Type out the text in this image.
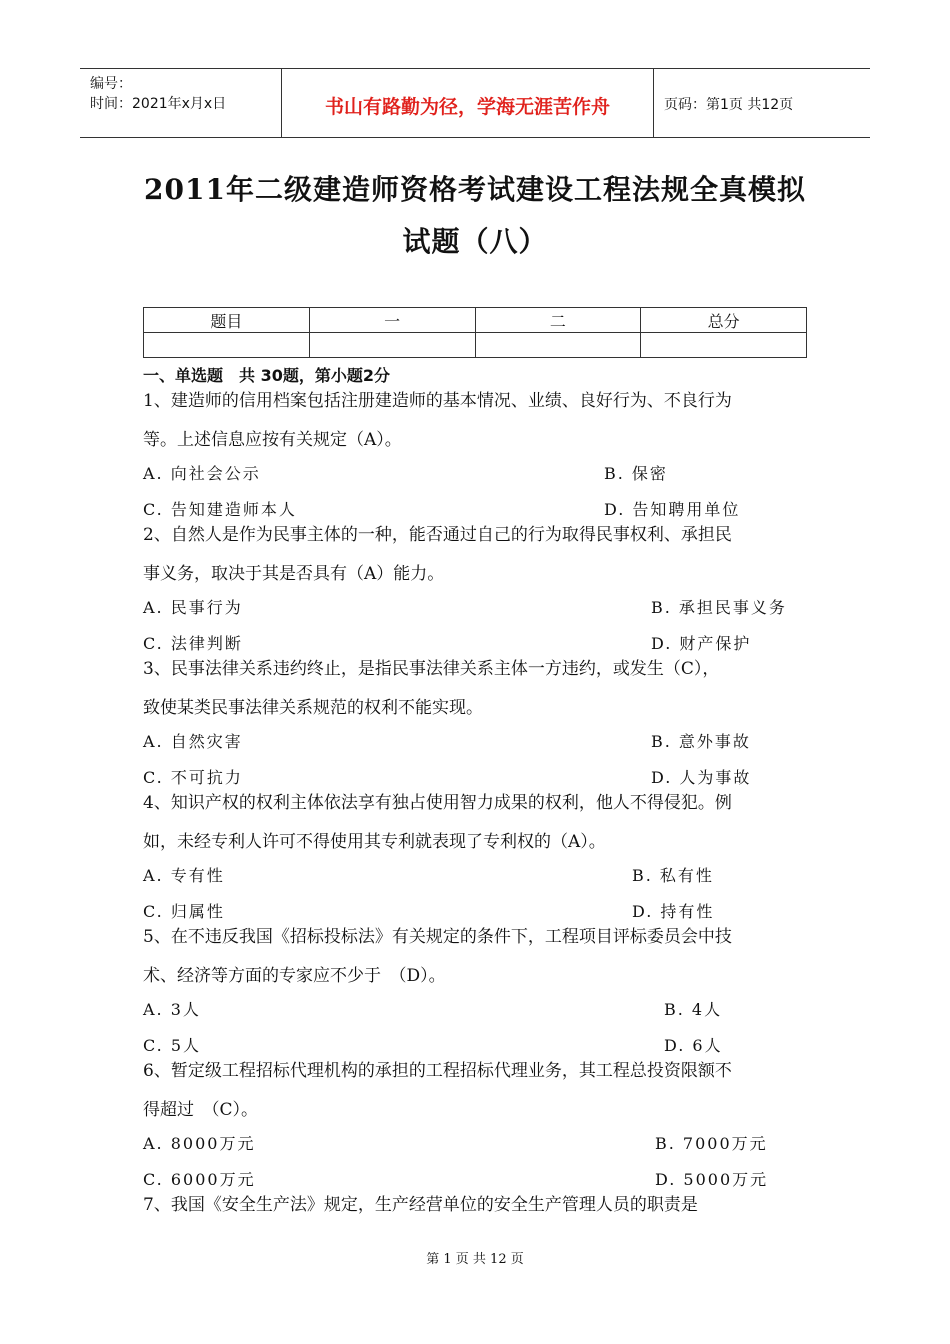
编号：
时间：2021年x月x日	书山有路勤为径，学海无涯苦作舟	页码：第1页 共12页
2011年二级建造师资格考试建设工程法规全真模拟
试题（八）
题目	一	二	总分

一、单选题　共 30题，第小题2分
1、建造师的信用档案包括注册建造师的基本情况、业绩、良好行为、不良行为
等。上述信息应按有关规定（A）。
A. 向社会公示	B. 保密
C. 告知建造师本人	D. 告知聘用单位
2、自然人是作为民事主体的一种，能否通过自己的行为取得民事权利、承担民
事义务，取决于其是否具有（A）能力。
A. 民事行为	B. 承担民事义务
C. 法律判断	D. 财产保护
3、民事法律关系违约终止，是指民事法律关系主体一方违约，或发生（C），
致使某类民事法律关系规范的权利不能实现。
A. 自然灾害	B. 意外事故
C. 不可抗力	D. 人为事故
4、知识产权的权利主体依法享有独占使用智力成果的权利，他人不得侵犯。例
如，未经专利人许可不得使用其专利就表现了专利权的（A）。
A. 专有性	B. 私有性
C. 归属性	D. 持有性
5、在不违反我国《招标投标法》有关规定的条件下，工程项目评标委员会中技
术、经济等方面的专家应不少于　（D）。
A. 3人	B. 4人
C. 5人	D. 6人
6、暂定级工程招标代理机构的承担的工程招标代理业务，其工程总投资限额不
得超过　（C）。
A. 8000万元	B. 7000万元
C. 6000万元	D. 5000万元
7、我国《安全生产法》规定，生产经营单位的安全生产管理人员的职责是
第 1 页 共 12 页
